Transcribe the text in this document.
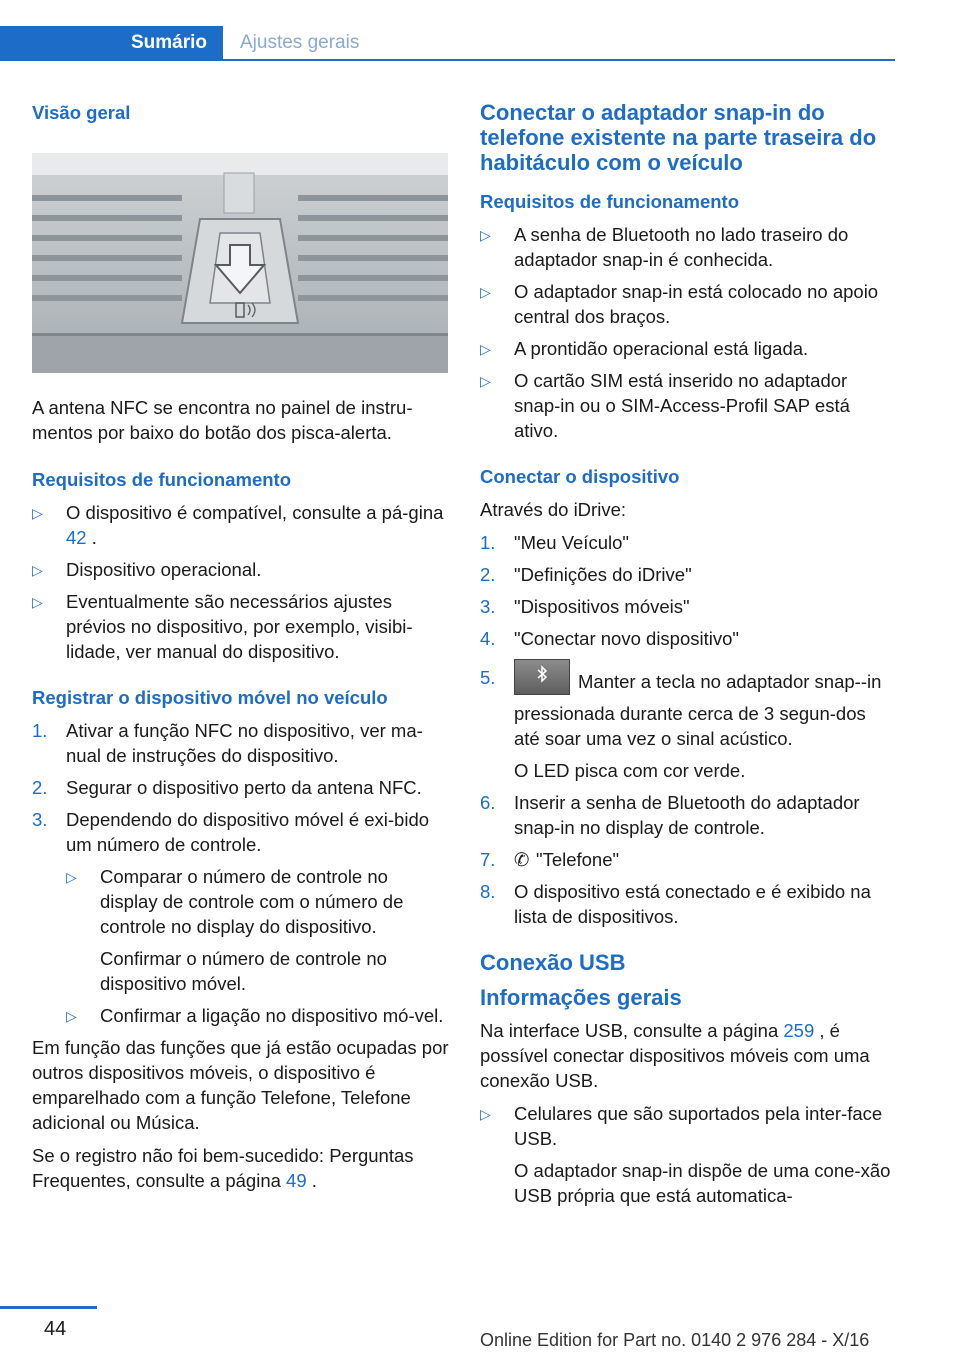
Sumário	Ajustes gerais
Visão geral

A antena NFC se encontra no painel de instru-
mentos por baixo do botão dos pisca-alerta.

Requisitos de funcionamento
▷ O dispositivo é compatível, consulte a pá-gina 42 .
▷ Dispositivo operacional.
▷ Eventualmente são necessários ajustes prévios no dispositivo, por exemplo, visibi-lidade, ver manual do dispositivo.
Registrar o dispositivo móvel no veículo
1. Ativar a função NFC no dispositivo, ver ma-nual de instruções do dispositivo.
2. Segurar o dispositivo perto da antena NFC.
3. Dependendo do dispositivo móvel é exi-bido um número de controle.
▷ Comparar o número de controle no display de controle com o número de controle no display do dispositivo.
Confirmar o número de controle no dispositivo móvel.
▷ Confirmar a ligação no dispositivo mó-vel.

Em função das funções que já estão ocupadas por outros dispositivos móveis, o dispositivo é emparelhado com a função Telefone, Telefone adicional ou Música.

Se o registro não foi bem-sucedido: Perguntas Frequentes, consulte a página 49 .

Conectar o adaptador snap-in do telefone existente na parte traseira do habitáculo com o veículo
Requisitos de funcionamento
▷ A senha de Bluetooth no lado traseiro do adaptador snap-in é conhecida.
▷ O adaptador snap-in está colocado no apoio central dos braços.
▷ A prontidão operacional está ligada.
▷ O cartão SIM está inserido no adaptador snap-in ou o SIM-Access-Profil SAP está ativo.
Conectar o dispositivo

Através do iDrive:

1. "Meu Veículo"
2. "Definições do iDrive"
3. "Dispositivos móveis"
4. "Conectar novo dispositivo"
5.	Manter a tecla no adaptador snap--in pressionada durante cerca de 3 segun-dos até soar uma vez o sinal acústico.
O LED pisca com cor verde.
6. Inserir a senha de Bluetooth do adaptador snap-in no display de controle.
7. ✆ "Telefone"
8. O dispositivo está conectado e é exibido na lista de dispositivos.
Conexão USB
Informações gerais

Na interface USB, consulte a página 259 , é possível conectar dispositivos móveis com uma conexão USB.

▷ Celulares que são suportados pela inter-face USB.
O adaptador snap-in dispõe de uma cone-xão USB própria que está automatica-
44	Online Edition for Part no. 0140 2 976 284 - X/16
